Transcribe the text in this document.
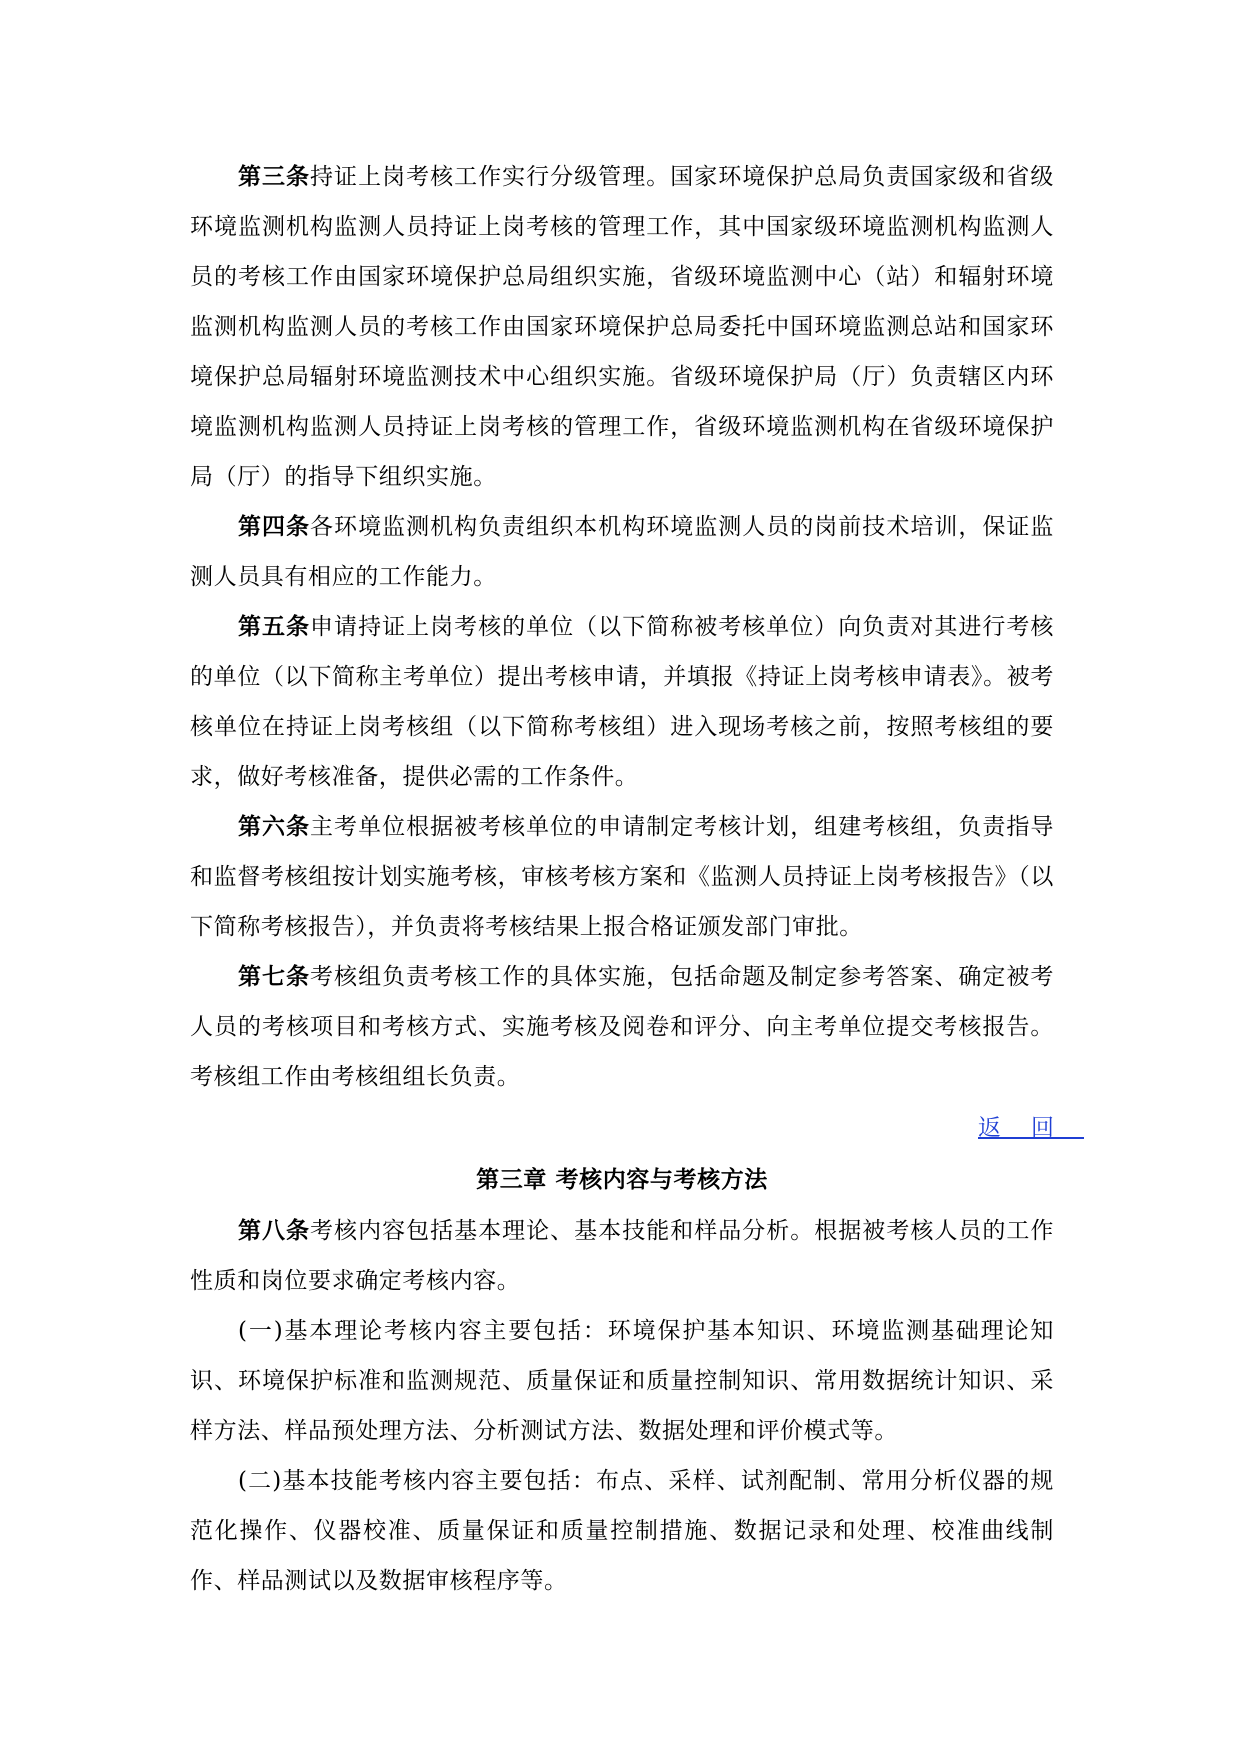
第三条持证上岗考核工作实行分级管理。国家环境保护总局负责国家级和省级环境监测机构监测人员持证上岗考核的管理工作，其中国家级环境监测机构监测人员的考核工作由国家环境保护总局组织实施，省级环境监测中心（站）和辐射环境监测机构监测人员的考核工作由国家环境保护总局委托中国环境监测总站和国家环境保护总局辐射环境监测技术中心组织实施。省级环境保护局（厅）负责辖区内环境监测机构监测人员持证上岗考核的管理工作，省级环境监测机构在省级环境保护局（厅）的指导下组织实施。

第四条各环境监测机构负责组织本机构环境监测人员的岗前技术培训，保证监测人员具有相应的工作能力。

第五条申请持证上岗考核的单位（以下简称被考核单位）向负责对其进行考核的单位（以下简称主考单位）提出考核申请，并填报《持证上岗考核申请表》。被考核单位在持证上岗考核组（以下简称考核组）进入现场考核之前，按照考核组的要求，做好考核准备，提供必需的工作条件。

第六条主考单位根据被考核单位的申请制定考核计划，组建考核组，负责指导和监督考核组按计划实施考核，审核考核方案和《监测人员持证上岗考核报告》（以下简称考核报告），并负责将考核结果上报合格证颁发部门审批。

第七条考核组负责考核工作的具体实施，包括命题及制定参考答案、确定被考人员的考核项目和考核方式、实施考核及阅卷和评分、向主考单位提交考核报告。考核组工作由考核组组长负责。

返回
第三章 考核内容与考核方法

第八条考核内容包括基本理论、基本技能和样品分析。根据被考核人员的工作性质和岗位要求确定考核内容。

(一)基本理论考核内容主要包括：环境保护基本知识、环境监测基础理论知识、环境保护标准和监测规范、质量保证和质量控制知识、常用数据统计知识、采样方法、样品预处理方法、分析测试方法、数据处理和评价模式等。

(二)基本技能考核内容主要包括：布点、采样、试剂配制、常用分析仪器的规范化操作、仪器校准、质量保证和质量控制措施、数据记录和处理、校准曲线制作、样品测试以及数据审核程序等。
